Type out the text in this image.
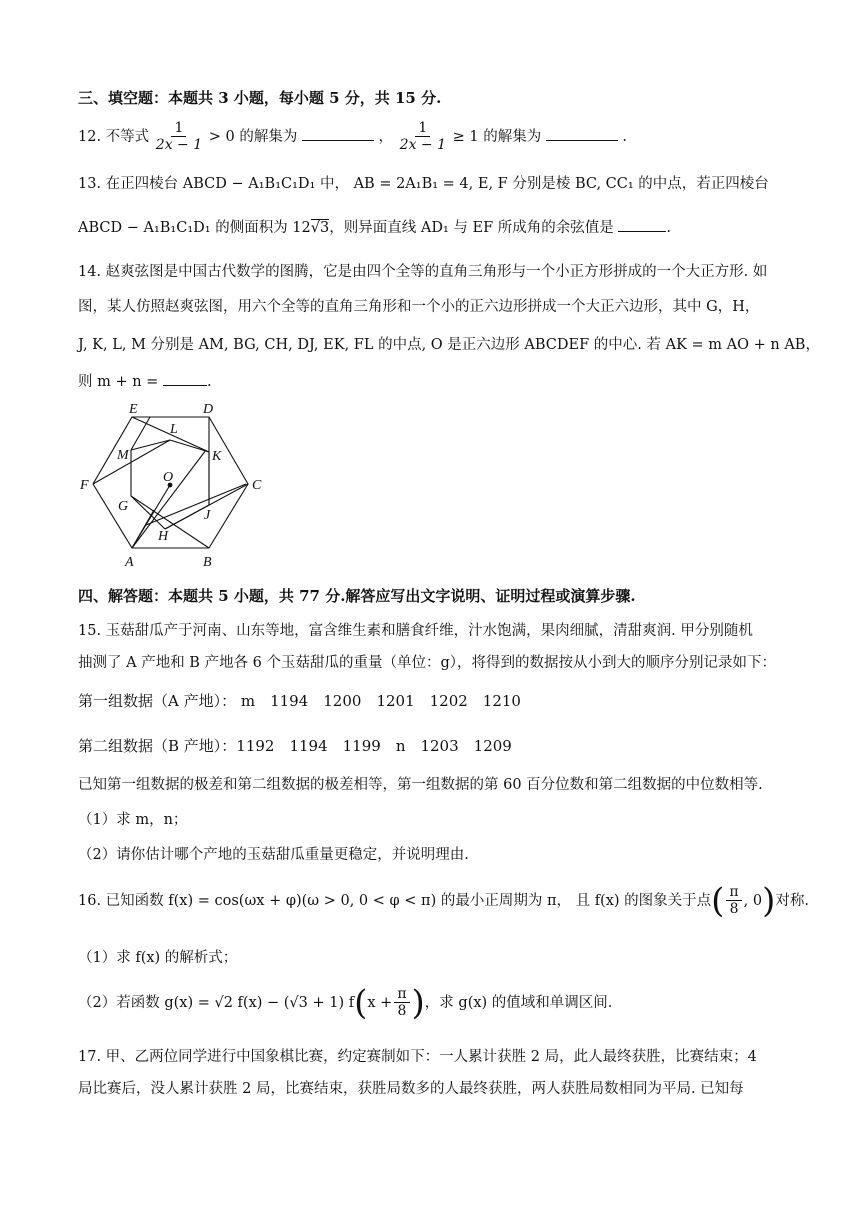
三、填空题：本题共 3 小题，每小题 5 分，共 15 分.
12. 不等式 $\frac{1}{2x - 1} > 0$ 的解集为	， $\frac{1}{2x - 1} \ge 1$ 的解集为	.
13. 在正四棱台 ABCD − A₁B₁C₁D₁ 中， AB = 2A₁B₁ = 4, E, F 分别是棱 BC, CC₁ 的中点，若正四棱台
ABCD − A₁B₁C₁D₁ 的侧面积为 12√3，则异面直线 AD₁ 与 EF 所成角的余弦值是	.
14. 赵爽弦图是中国古代数学的图腾，它是由四个全等的直角三角形与一个小正方形拼成的一个大正方形. 如
图，某人仿照赵爽弦图，用六个全等的直角三角形和一个小的正六边形拼成一个大正六边形，其中 G，H，
J, K, L, M 分别是 AM, BG, CH, DJ, EK, FL 的中点, O 是正六边形 ABCDEF 的中心. 若 AK = m AO + n AB，
则 m + n =	.
E	D
L
M	K
O
F	C
G
J
H
A	B
四、解答题：本题共 5 小题，共 77 分.解答应写出文字说明、证明过程或演算步骤.
15. 玉菇甜瓜产于河南、山东等地，富含维生素和膳食纤维，汁水饱满，果肉细腻，清甜爽润. 甲分别随机
抽测了 A 产地和 B 产地各 6 个玉菇甜瓜的重量（单位：g），将得到的数据按从小到大的顺序分别记录如下：
第一组数据（A 产地）： m　1194　1200　1201　1202　1210
第二组数据（B 产地）：1192　1194　1199　n　1203　1209
已知第一组数据的极差和第二组数据的极差相等，第一组数据的第 60 百分位数和第二组数据的中位数相等.
（1）求 m，n；
（2）请你估计哪个产地的玉菇甜瓜重量更稳定，并说明理由.
16. 已知函数 f(x) = cos(ωx + φ)(ω > 0, 0 < φ < π) 的最小正周期为 π， 且 f(x) 的图象关于点( $\frac{\pi}{8}$ , 0)对称.
（1）求 f(x) 的解析式；
（2）若函数 g(x) = √2 f(x) − (√3 + 1) $f(x + \frac{\pi}{8}$ )，求 g(x) 的值域和单调区间.
17. 甲、乙两位同学进行中国象棋比赛，约定赛制如下：一人累计获胜 2 局，此人最终获胜，比赛结束；4
局比赛后，没人累计获胜 2 局，比赛结束，获胜局数多的人最终获胜，两人获胜局数相同为平局. 已知每
